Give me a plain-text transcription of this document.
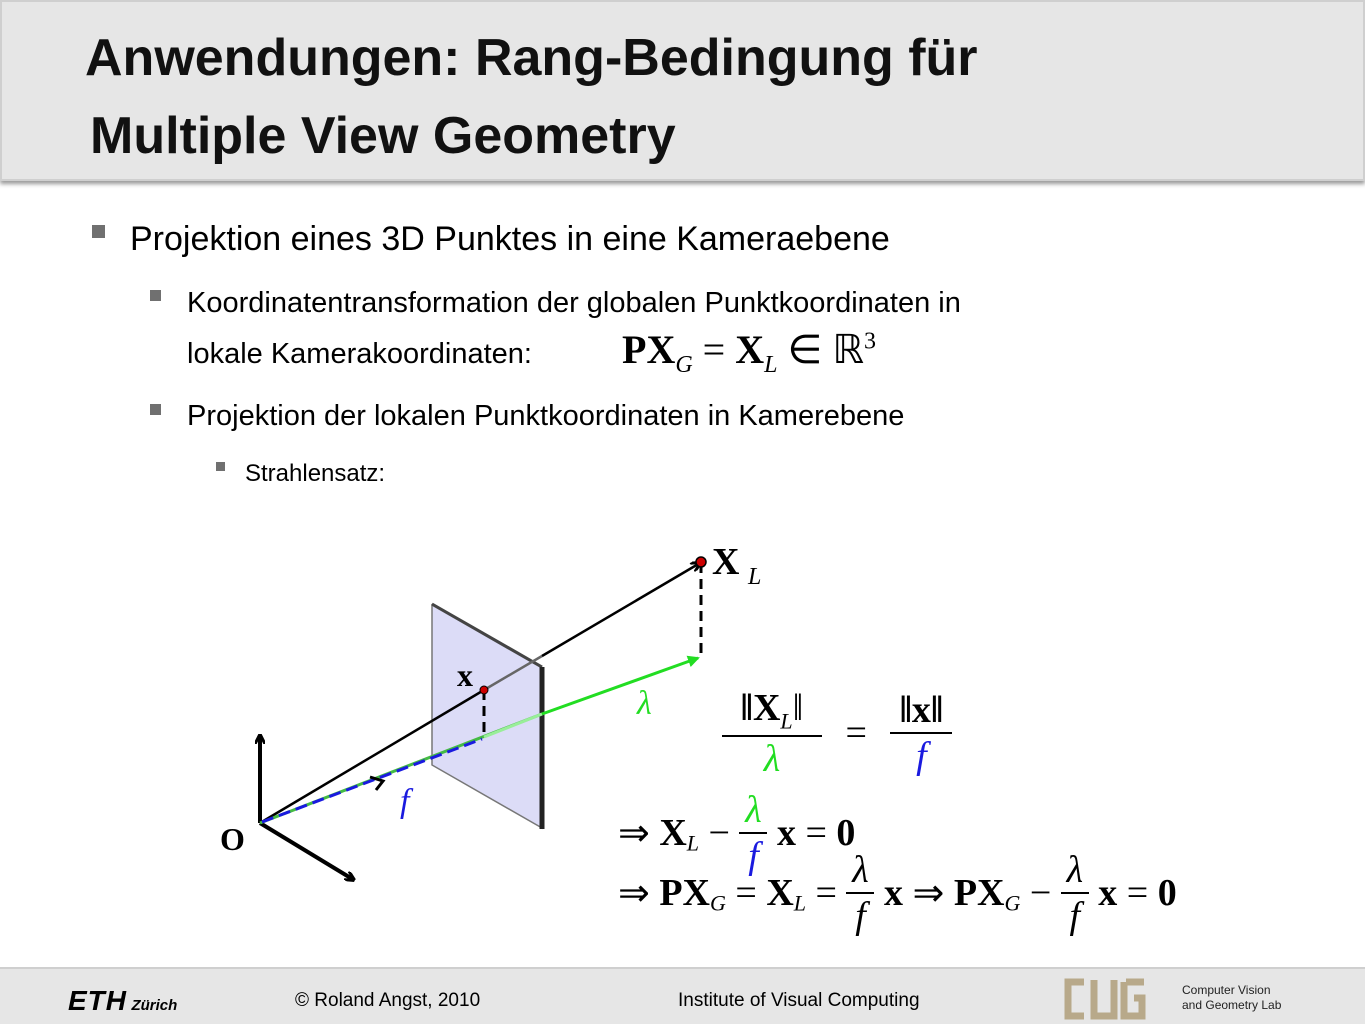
Anwendungen: Rang-Bedingung für
Multiple View Geometry
Projektion eines 3D Punktes in eine Kameraebene
Koordinatentransformation der globalen Punktkoordinaten in
lokale Kamerakoordinaten: $PX_G = X_L$ ∈ ℝ$^3$
Projektion der lokalen Punktkoordinaten in Kamerebene
Strahlensatz:
X L
x
O
λ
f
$\frac{‖X_L‖}{\lambda} = \frac{‖x‖}{f}$
⇒ $X_L - \frac{\lambda}{f}$ x = 0
⇒ $PX_G = X_L = \frac{\lambda}{f}$ x ⇒ $PX_G - \frac{\lambda}{f}$ x = 0
ETH Zürich	© Roland Angst, 2010	Institute of Visual Computing	Computer Vision
and Geometry Lab
